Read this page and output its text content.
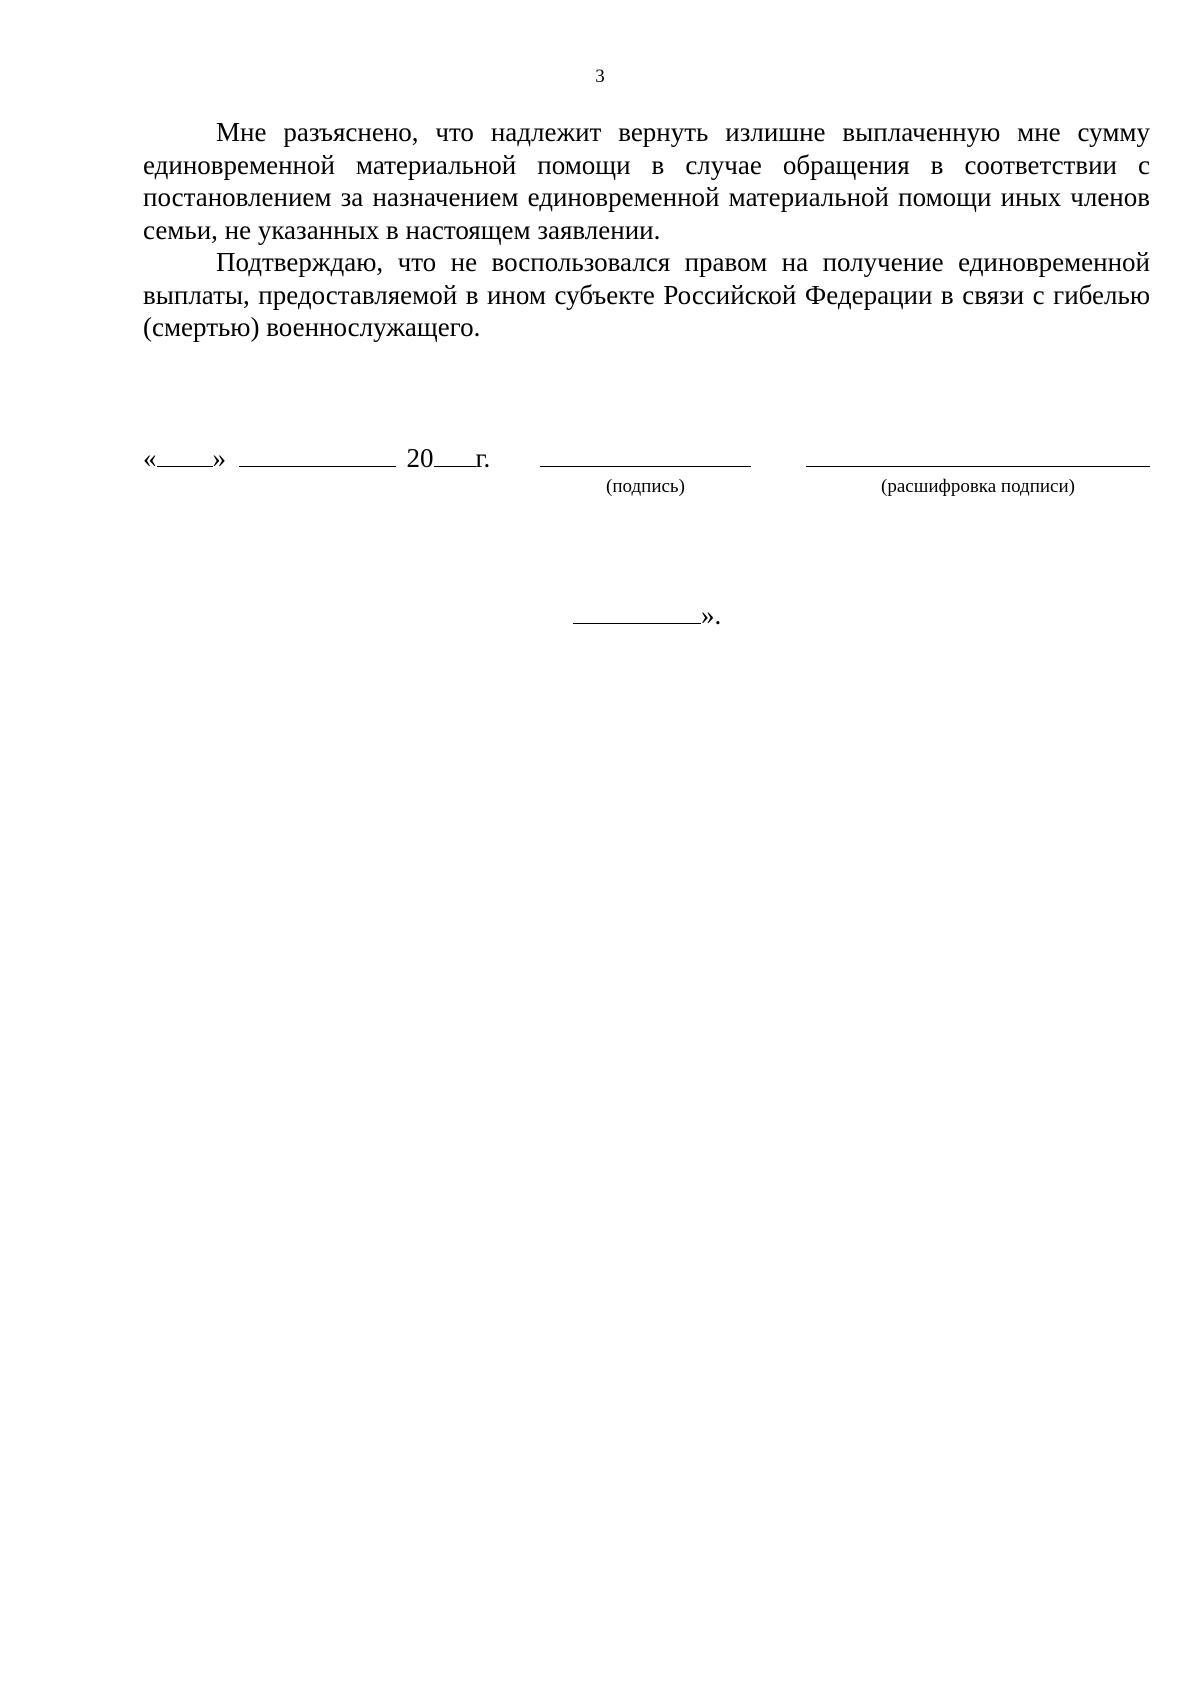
3

Мне разъяснено, что надлежит вернуть излишне выплаченную мне сумму единовременной материальной помощи в случае обращения в соответствии с постановлением за назначением единовременной материальной помощи иных членов семьи, не указанных в настоящем заявлении.

Подтверждаю, что не воспользовался правом на получение единовременной выплаты, предоставляемой в ином субъекте Российской Федерации в связи с гибелью (смертью) военнослужащего.

« »	20 г.
(подпись)	(расшифровка подписи)
».
